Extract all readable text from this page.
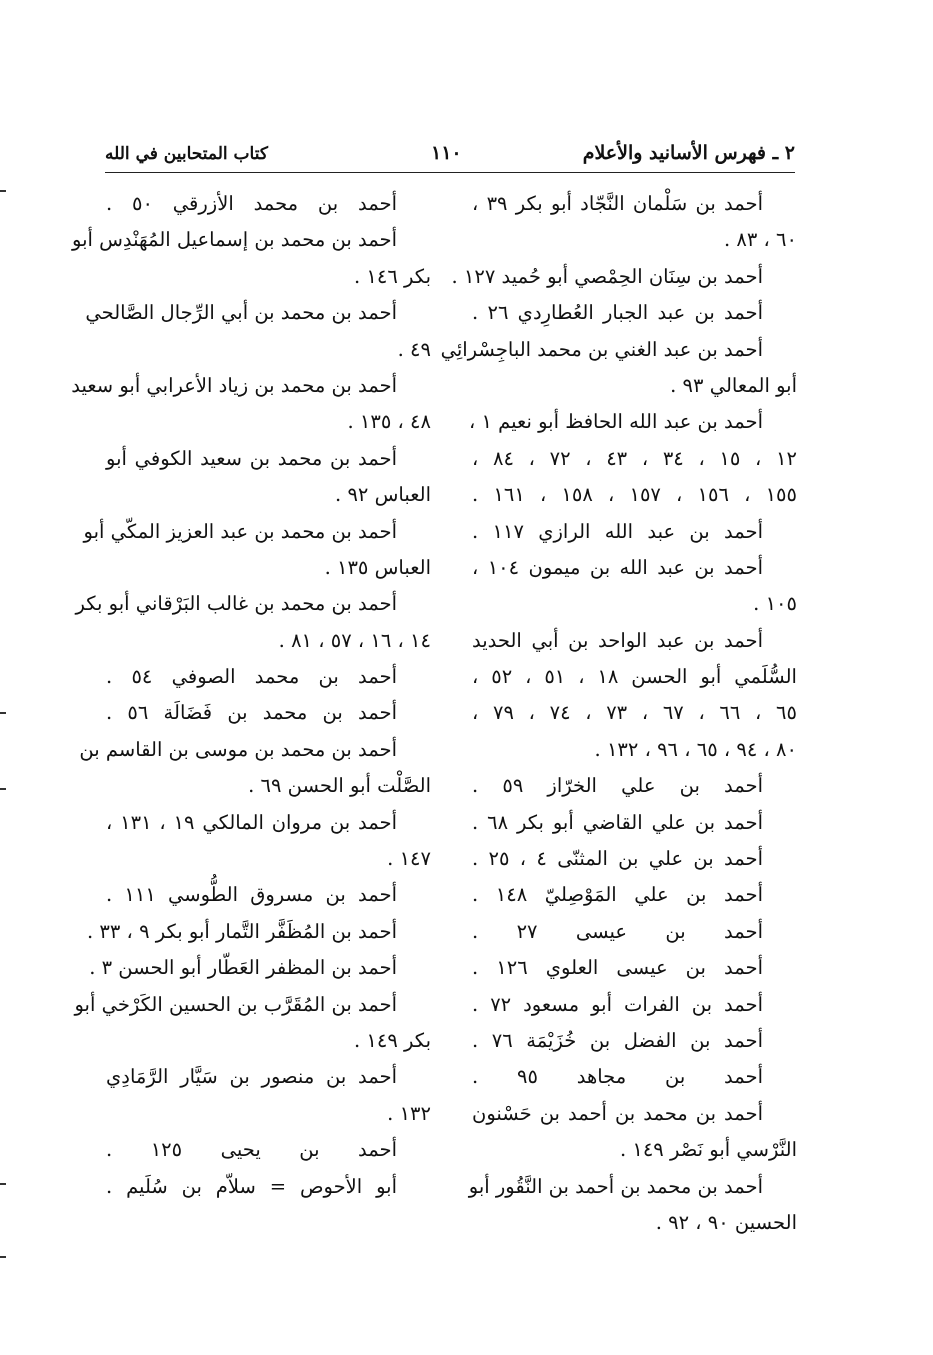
٢ ـ فهرس الأسانيد والأعلام
١١٠
كتاب المتحابين في الله
أحمد بن سَلْمان النَّجّاد أبو بكر ٣٩ ،
٦٠ ، ٨٣ .
أحمد بن سِنَان الحِمْصي أبو حُميد ١٢٧ .
أحمد بن عبد الجبار العُطارِدي ٢٦ .
أحمد بن عبد الغني بن محمد الباجِسْرائِي
أبو المعالي ٩٣ .
أحمد بن عبد الله الحافظ أبو نعيم ١ ،
١٢ ، ١٥ ، ٣٤ ، ٤٣ ، ٧٢ ، ٨٤ ،
١٥٥ ، ١٥٦ ، ١٥٧ ، ١٥٨ ، ١٦١ .
أحمد بن عبد الله الرازي ١١٧ .
أحمد بن عبد الله بن ميمون ١٠٤ ،
١٠٥ .
أحمد بن عبد الواحد بن أبي الحديد
السُّلَمي أبو الحسن ١٨ ، ٥١ ، ٥٢ ،
٦٥ ، ٦٦ ، ٦٧ ، ٧٣ ، ٧٤ ، ٧٩ ،
٨٠ ، ٩٤ ، ٦٥ ، ٩٦ ، ١٣٢ .
أحمد بن علي الخرّاز ٥٩ .
أحمد بن علي القاضي أبو بكر ٦٨ .
أحمد بن علي بن المثنّى ٤ ، ٢٥ .
أحمد بن علي المَوْصِليّ ١٤٨ .
أحمد بن عيسى ٢٧ .
أحمد بن عيسى العلوي ١٢٦ .
أحمد بن الفرات أبو مسعود ٧٢ .
أحمد بن الفضل بن خُزَيْمَة ٧٦ .
أحمد بن مجاهد ٩٥ .
أحمد بن محمد بن أحمد بن حَسْنون
النَّرْسي أبو نَصْر ١٤٩ .
أحمد بن محمد بن أحمد بن النَّقُور أبو
الحسين ٩٠ ، ٩٢ .
أحمد بن محمد الأزرقي ٥٠ .
أحمد بن محمد بن إسماعيل المُهَنْدِس أبو
بكر ١٤٦ .
أحمد بن محمد بن أبي الرِّجال الصَّالحي
٤٩ .
أحمد بن محمد بن زياد الأعرابي أبو سعيد
٤٨ ، ١٣٥ .
أحمد بن محمد بن سعيد الكوفي أبو
العباس ٩٢ .
أحمد بن محمد بن عبد العزيز المكّي أبو
العباس ١٣٥ .
أحمد بن محمد بن غالب البَرْقاني أبو بكر
١٤ ، ١٦ ، ٥٧ ، ٨١ .
أحمد بن محمد الصوفي ٥٤ .
أحمد بن محمد بن فَضَالَة ٥٦ .
أحمد بن محمد بن موسى بن القاسم بن
الصَّلْت أبو الحسن ٦٩ .
أحمد بن مروان المالكي ١٩ ، ١٣١ ،
١٤٧ .
أحمد بن مسروق الطُّوسي ١١١ .
أحمد بن المُظَفَّر التَّمار أبو بكر ٩ ، ٣٣ .
أحمد بن المظفر العَطّار أبو الحسن ٣ .
أحمد بن المُقَرَّب بن الحسين الكَرْخي أبو
بكر ١٤٩ .
أحمد بن منصور بن سَيَّار الرَّمَادِي
١٣٢ .
أحمد بن يحيى ١٢٥ .
أبو الأحوص = سلاّم بن سُلَيم .
